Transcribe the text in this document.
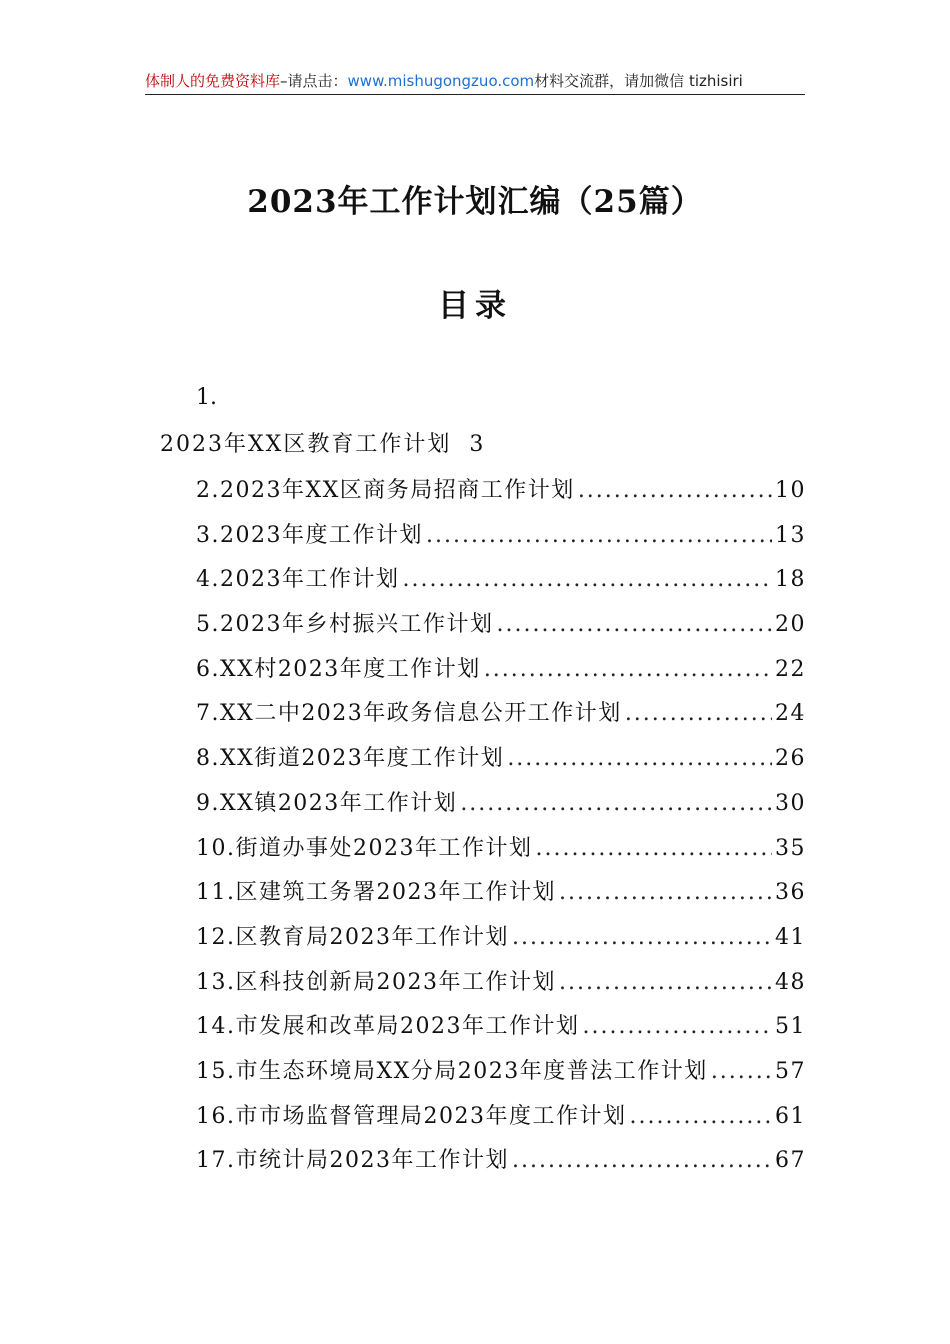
体制人的免费资料库–请点击：www.mishugongzuo.com材料交流群，请加微信 tizhisiri
2023年工作计划汇编（25篇）
目录
1.
2023年XX区教育工作计划 3
2.2023年XX区商务局招商工作计划 .....	10
3.2023年度工作计划 .....	13
4.2023年工作计划 .....	18
5.2023年乡村振兴工作计划 .....	20
6.XX村2023年度工作计划 .....	22
7.XX二中2023年政务信息公开工作计划 .....	24
8.XX街道2023年度工作计划 .....	26
9.XX镇2023年工作计划 .....	30
10.街道办事处2023年工作计划 .....	35
11.区建筑工务署2023年工作计划 .....	36
12.区教育局2023年工作计划 .....	41
13.区科技创新局2023年工作计划 .....	48
14.市发展和改革局2023年工作计划 .....	51
15.市生态环境局XX分局2023年度普法工作计划 .....	57
16.市市场监督管理局2023年度工作计划 .....	61
17.市统计局2023年工作计划 .....	67
